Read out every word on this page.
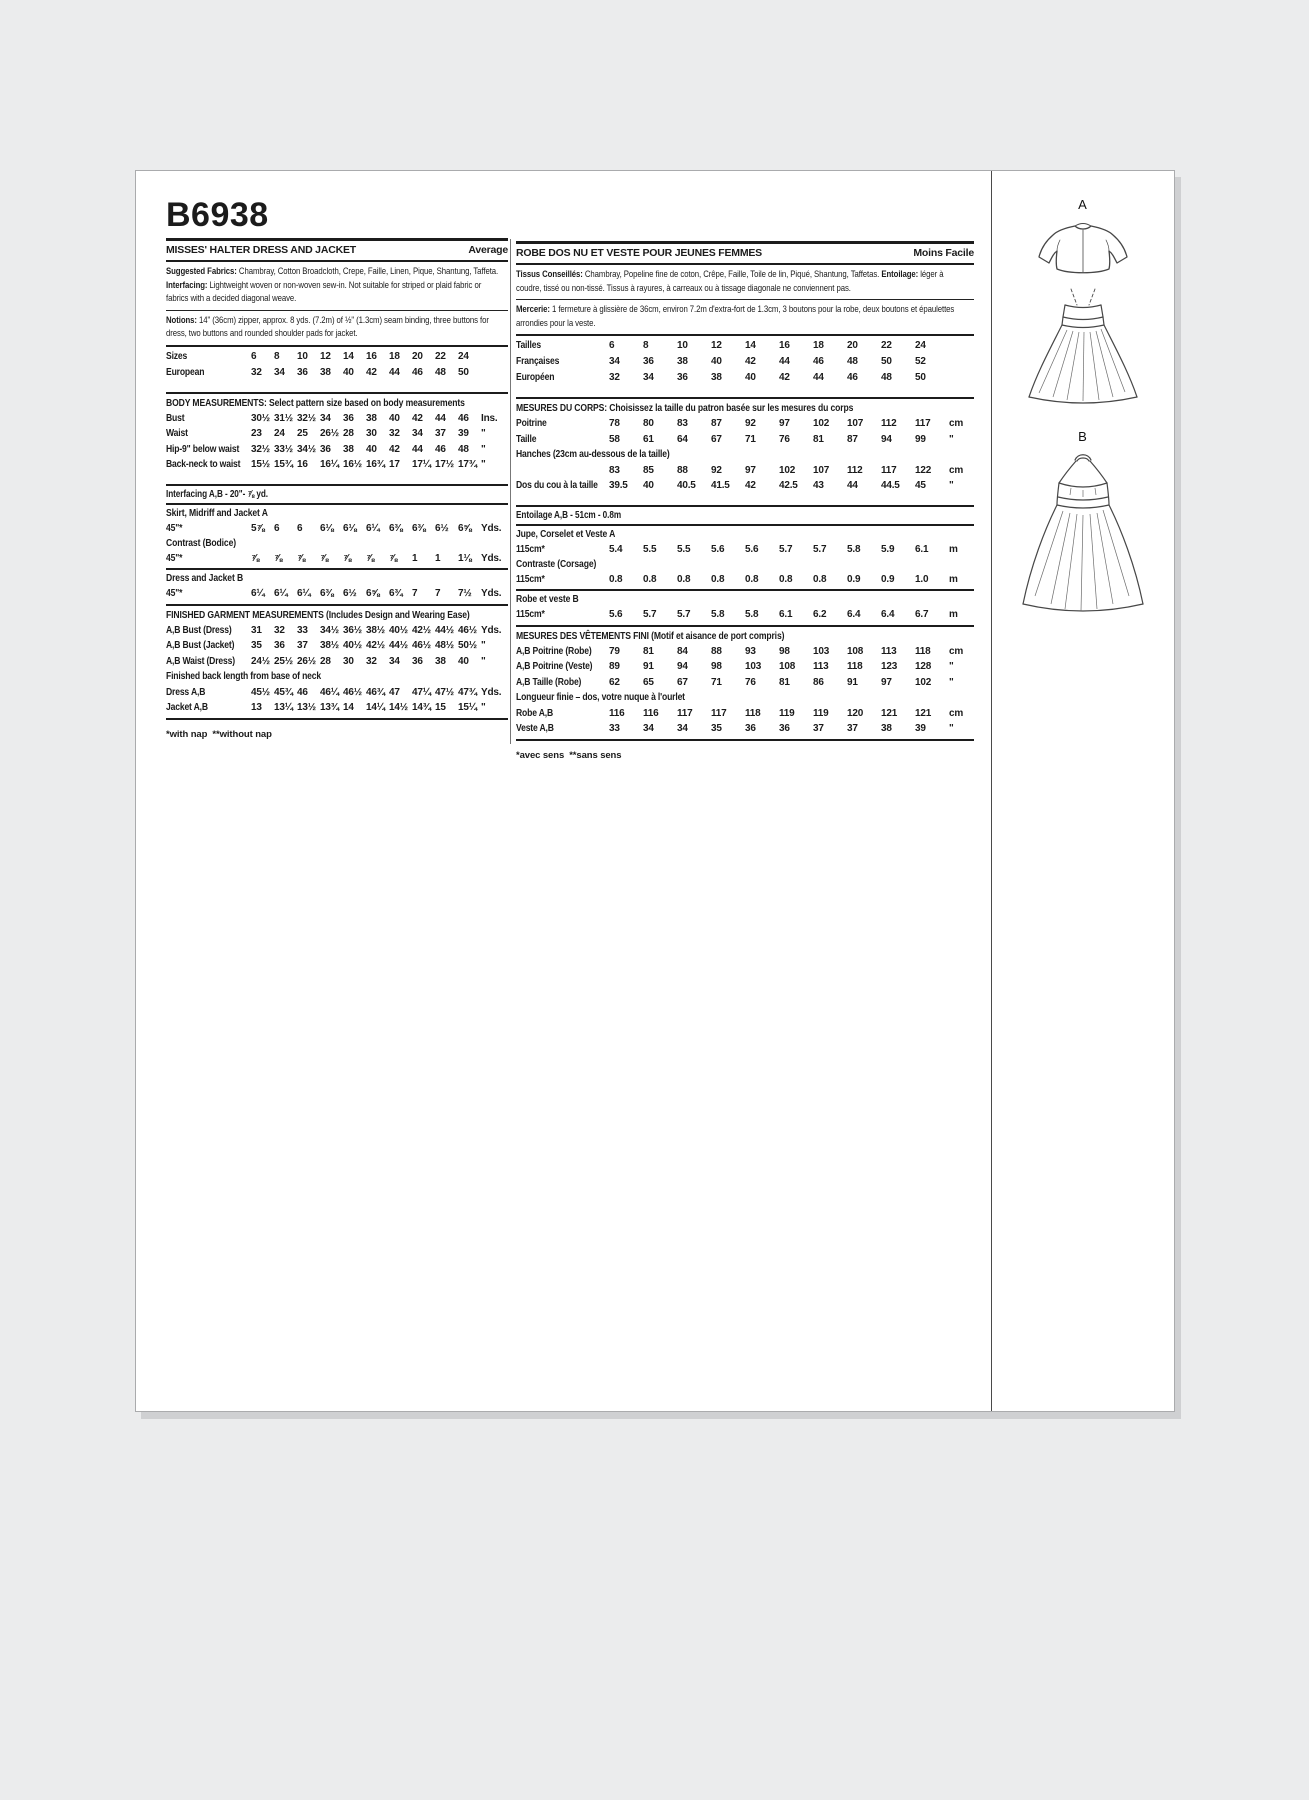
B6938
MISSES' HALTER DRESS AND JACKET	Average
Suggested Fabrics: Chambray, Cotton Broadcloth, Crepe, Faille, Linen, Pique, Shantung, Taffeta. Interfacing: Lightweight woven or non-woven sew-in. Not suitable for striped or plaid fabric or fabrics with a decided diagonal weave.
Notions: 14" (36cm) zipper, approx. 8 yds. (7.2m) of ½" (1.3cm) seam binding, three buttons for dress, two buttons and rounded shoulder pads for jacket.
Sizes	6	8	10	12	14	16	18	20	22	24
European	32	34	36	38	40	42	44	46	48	50
BODY MEASUREMENTS: Select pattern size based on body measurements
Bust	30½ 31½ 32½ 34	36	38	40	42	44	46	Ins.
Waist	23	24	25	26½ 28	30	32	34	37	39	"
Hip-9" below waist 32½ 33½ 34½ 36	38	40	42	44	46	48	"
Back-neck to waist 15½ 15¾ 16	16¼ 16½ 16¾ 17	17¼ 17½ 17¾ "
Interfacing A,B - 20"- ⅞ yd.
Skirt, Midriff and Jacket A
45"*	5⅞ 6	6	6⅛ 6⅛ 6¼ 6⅜ 6⅜ 6½ 6⅝ Yds.
Contrast (Bodice)
45"*	⅞	⅞	⅞	⅞	⅞	⅞	⅞	1	1	1⅛ Yds.
Dress and Jacket B
45"*	6¼ 6¼ 6¼ 6⅜ 6½ 6⅝ 6¾ 7	7	7½ Yds.
FINISHED GARMENT MEASUREMENTS (Includes Design and Wearing Ease)
A,B Bust (Dress)	31	32	33	34½ 36½ 38½ 40½ 42½ 44½ 46½ Yds.
A,B Bust (Jacket)	35	36	37	38½ 40½ 42½ 44½ 46½ 48½ 50½ "
A,B Waist (Dress)	24½ 25½ 26½ 28	30	32	34	36	38	40	"
Finished back length from base of neck
Dress A,B	45½ 45¾ 46	46¼ 46½ 46¾ 47	47¼ 47½ 47¾ Yds.
Jacket A,B	13	13¼ 13½ 13¾ 14	14¼ 14½ 14¾ 15	15¼ "
*with nap  **without nap
ROBE DOS NU ET VESTE POUR JEUNES FEMMES	Moins Facile
Tissus Conseillés: Chambray, Popeline fine de coton, Crêpe, Faille, Toile de lin, Piqué, Shantung, Taffetas. Entoilage: léger à coudre, tissé ou non-tissé. Tissus à rayures, à carreaux ou à tissage diagonale ne conviennent pas.
Mercerie: 1 fermeture à glissière de 36cm, environ 7.2m d'extra-fort de 1.3cm, 3 boutons pour la robe, deux boutons et épaulettes arrondies pour la veste.
Tailles	6	8	10	12	14	16	18	20	22	24
Françaises	34	36	38	40	42	44	46	48	50	52
Européen	32	34	36	38	40	42	44	46	48	50
MESURES DU CORPS: Choisissez la taille du patron basée sur les mesures du corps
Poitrine	78	80	83	87	92	97	102	107	112	117	cm
Taille	58	61	64	67	71	76	81	87	94	99	"
Hanches (23cm au-dessous de la taille)
83	85	88	92	97	102	107	112	117	122	cm
Dos du cou à la taille 39.5	40	40.5	41.5	42	42.5	43	44	44.5	45	"
Entoilage A,B - 51cm - 0.8m
Jupe, Corselet et Veste A
115cm*	5.4	5.5	5.5	5.6	5.6	5.7	5.7	5.8	5.9	6.1	m
Contraste (Corsage)
115cm*	0.8	0.8	0.8	0.8	0.8	0.8	0.8	0.9	0.9	1.0	m
Robe et veste B
115cm*	5.6	5.7	5.7	5.8	5.8	6.1	6.2	6.4	6.4	6.7	m
MESURES DES VÊTEMENTS FINI (Motif et aisance de port compris)
A,B Poitrine (Robe)	79	81	84	88	93	98	103	108	113	118	cm
A,B Poitrine (Veste)	89	91	94	98	103	108	113	118	123	128	"
A,B Taille (Robe)	62	65	67	71	76	81	86	91	97	102	"
Longueur finie – dos, votre nuque à l'ourlet
Robe A,B	116	116	117	117	118	119	119	120	121	121	cm
Veste A,B	33	34	34	35	36	36	37	37	38	39	"
*avec sens  **sans sens
A
B
